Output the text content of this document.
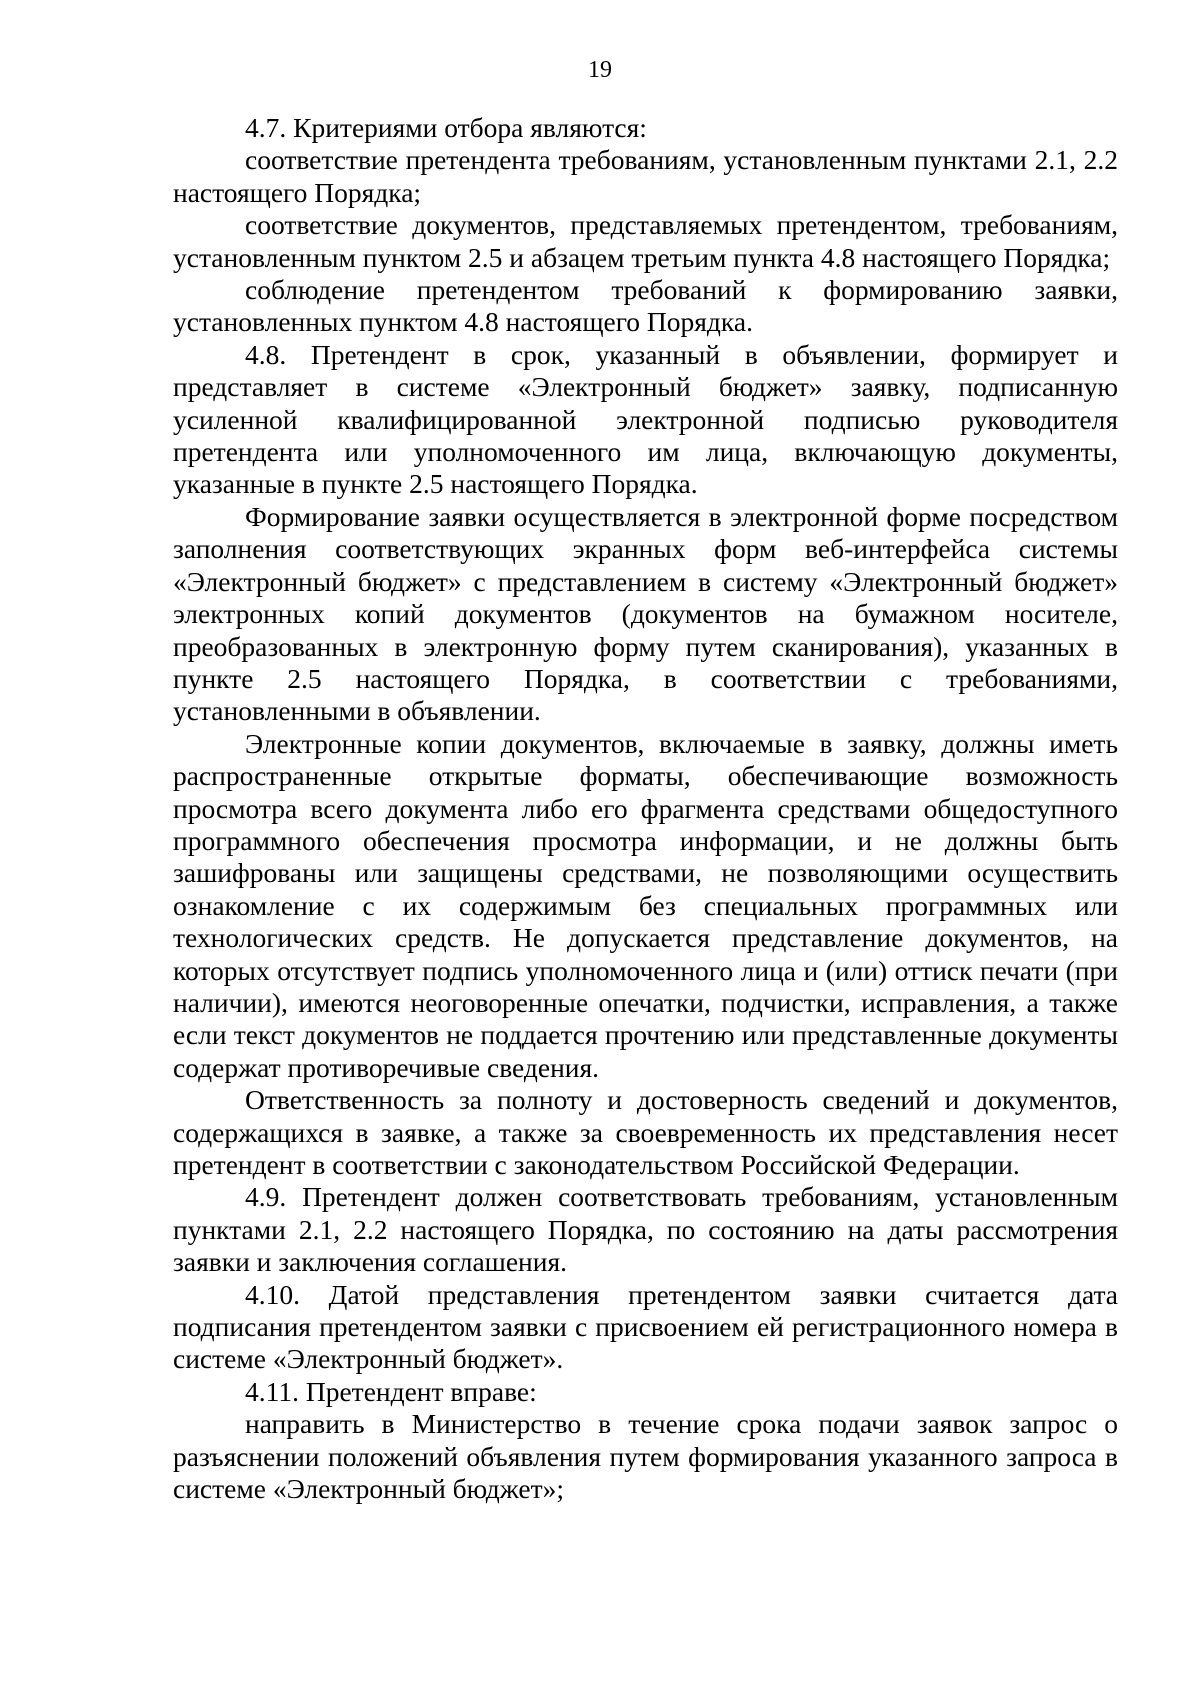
19

4.7. Критериями отбора являются:

соответствие претендента требованиям, установленным пунктами 2.1, 2.2 настоящего Порядка;

соответствие документов, представляемых претендентом, требованиям, установленным пунктом 2.5 и абзацем третьим пункта 4.8 настоящего Порядка;

соблюдение претендентом требований к формированию заявки, установленных пунктом 4.8 настоящего Порядка.

4.8. Претендент в срок, указанный в объявлении, формирует и представляет в системе «Электронный бюджет» заявку, подписанную усиленной квалифицированной электронной подписью руководителя претендента или уполномоченного им лица, включающую документы, указанные в пункте 2.5 настоящего Порядка.

Формирование заявки осуществляется в электронной форме посредством заполнения соответствующих экранных форм веб-интерфейса системы «Электронный бюджет» с представлением в систему «Электронный бюджет» электронных копий документов (документов на бумажном носителе, преобразованных в электронную форму путем сканирования), указанных в пункте 2.5 настоящего Порядка, в соответствии с требованиями, установленными в объявлении.

Электронные копии документов, включаемые в заявку, должны иметь распространенные открытые форматы, обеспечивающие возможность просмотра всего документа либо его фрагмента средствами общедоступного программного обеспечения просмотра информации, и не должны быть зашифрованы или защищены средствами, не позволяющими осуществить ознакомление с их содержимым без специальных программных или технологических средств. Не допускается представление документов, на которых отсутствует подпись уполномоченного лица и (или) оттиск печати (при наличии), имеются неоговоренные опечатки, подчистки, исправления, а также если текст документов не поддается прочтению или представленные документы содержат противоречивые сведения.

Ответственность за полноту и достоверность сведений и документов, содержащихся в заявке, а также за своевременность их представления несет претендент в соответствии с законодательством Российской Федерации.

4.9. Претендент должен соответствовать требованиям, установленным пунктами 2.1, 2.2 настоящего Порядка, по состоянию на даты рассмотрения заявки и заключения соглашения.

4.10. Датой представления претендентом заявки считается дата подписания претендентом заявки с присвоением ей регистрационного номера в системе «Электронный бюджет».

4.11. Претендент вправе:

направить в Министерство в течение срока подачи заявок запрос о разъяснении положений объявления путем формирования указанного запроса в системе «Электронный бюджет»;
